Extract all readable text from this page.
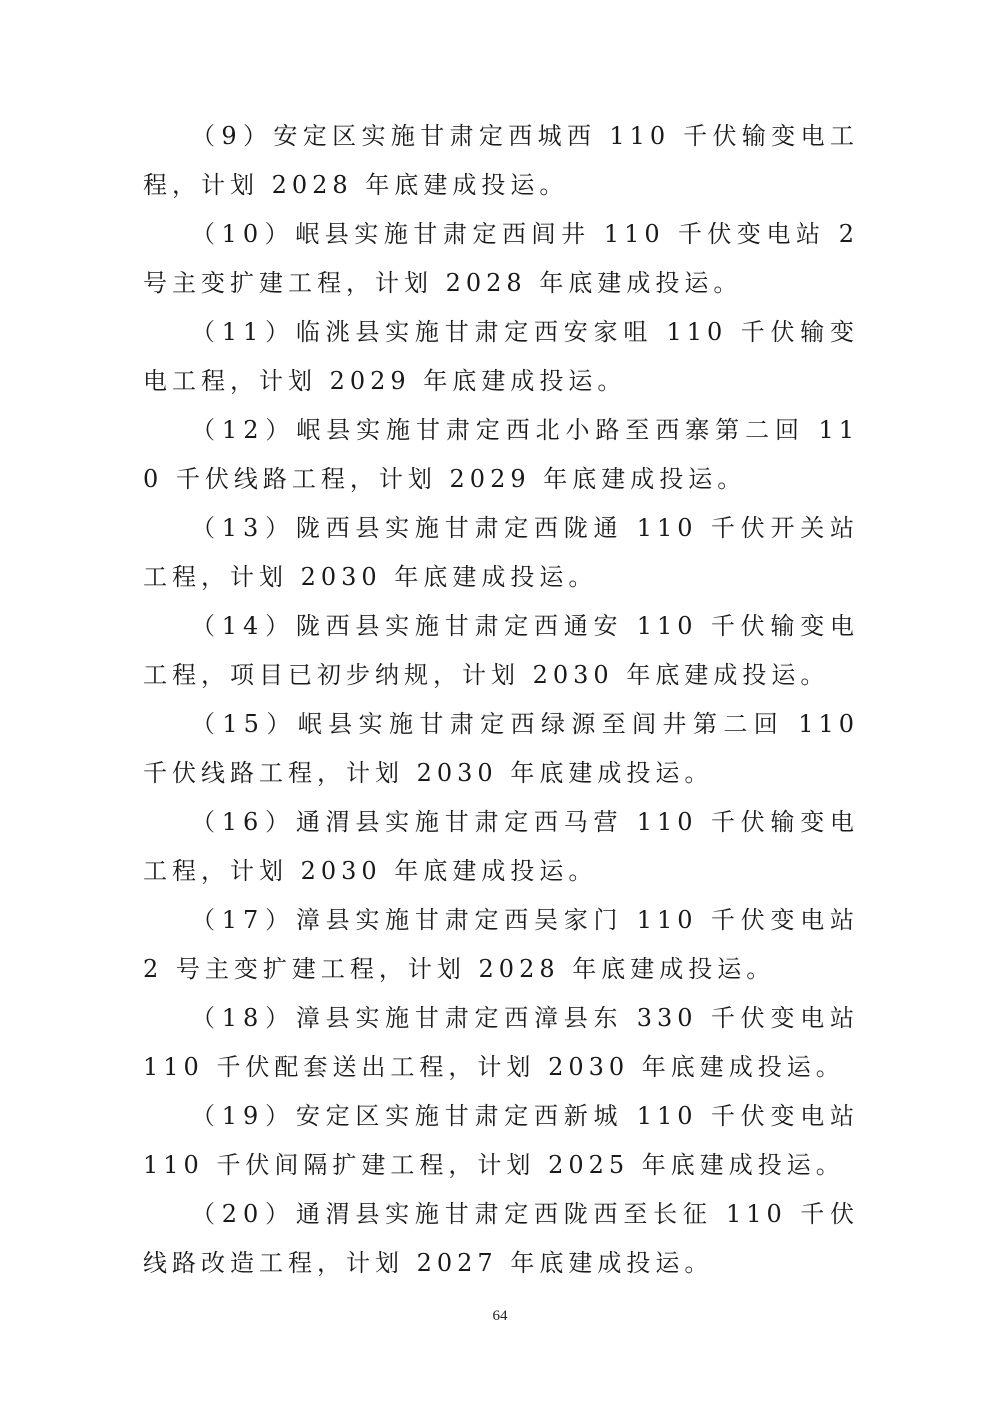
（9）安定区实施甘肃定西城西 110 千伏输变电工程，计划 2028 年底建成投运。

（10）岷县实施甘肃定西闾井 110 千伏变电站 2 号主变扩建工程，计划 2028 年底建成投运。

（11）临洮县实施甘肃定西安家咀 110 千伏输变电工程，计划 2029 年底建成投运。

（12）岷县实施甘肃定西北小路至西寨第二回 110 千伏线路工程，计划 2029 年底建成投运。

（13）陇西县实施甘肃定西陇通 110 千伏开关站工程，计划 2030 年底建成投运。

（14）陇西县实施甘肃定西通安 110 千伏输变电工程，项目已初步纳规，计划 2030 年底建成投运。

（15）岷县实施甘肃定西绿源至闾井第二回 110 千伏线路工程，计划 2030 年底建成投运。

（16）通渭县实施甘肃定西马营 110 千伏输变电工程，计划 2030 年底建成投运。

（17）漳县实施甘肃定西吴家门 110 千伏变电站 2 号主变扩建工程，计划 2028 年底建成投运。

（18）漳县实施甘肃定西漳县东 330 千伏变电站 110 千伏配套送出工程，计划 2030 年底建成投运。

（19）安定区实施甘肃定西新城 110 千伏变电站 110 千伏间隔扩建工程，计划 2025 年底建成投运。

（20）通渭县实施甘肃定西陇西至长征 110 千伏线路改造工程，计划 2027 年底建成投运。

64
